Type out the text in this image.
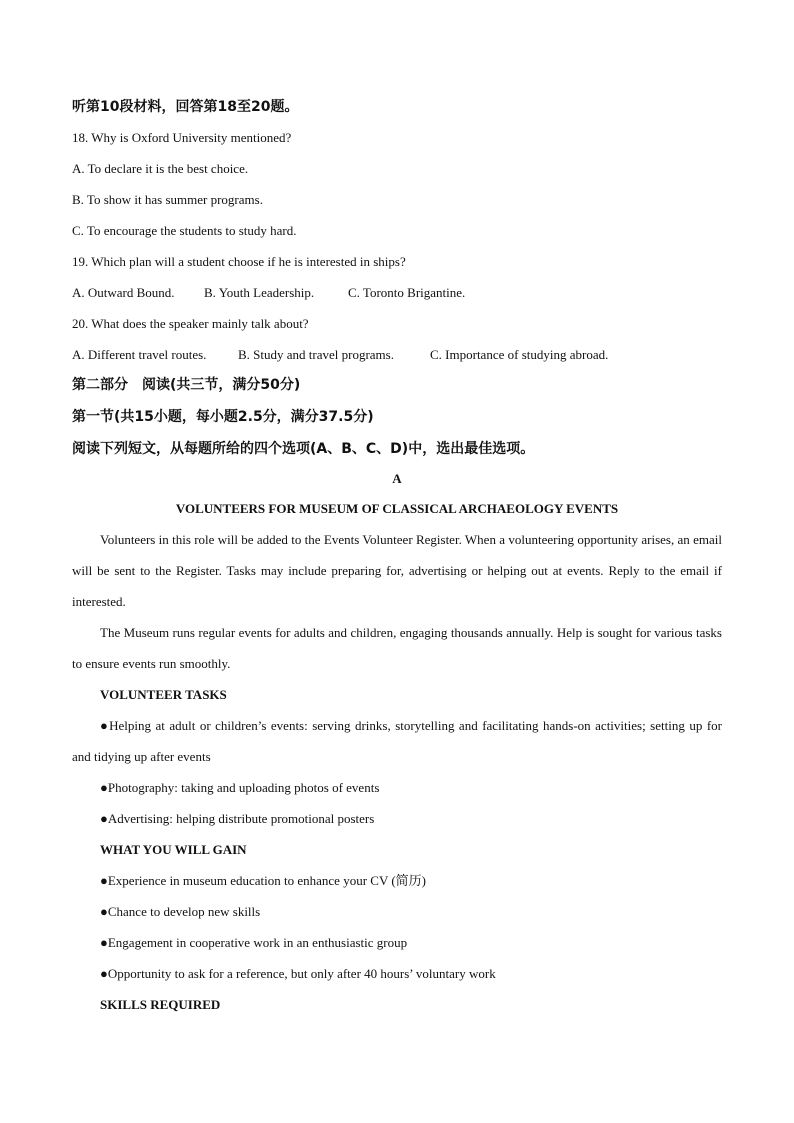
听第10段材料，回答第18至20题。
18. Why is Oxford University mentioned?
A. To declare it is the best choice.
B. To show it has summer programs.
C. To encourage the students to study hard.
19. Which plan will a student choose if he is interested in ships?
A. Outward Bound. B. Youth Leadership.	C. Toronto Brigantine.
20. What does the speaker mainly talk about?
A. Different travel routes. B. Study and travel programs.	C. Importance of studying abroad.
第二部分　阅读(共三节，满分50分)
第一节(共15小题，每小题2.5分，满分37.5分)
阅读下列短文，从每题所给的四个选项(A、B、C、D)中，选出最佳选项。
A
VOLUNTEERS FOR MUSEUM OF CLASSICAL ARCHAEOLOGY EVENTS

Volunteers in this role will be added to the Events Volunteer Register. When a volunteering opportunity arises, an email will be sent to the Register. Tasks may include preparing for, advertising or helping out at events. Reply to the email if interested.

The Museum runs regular events for adults and children, engaging thousands annually. Help is sought for various tasks to ensure events run smoothly.

VOLUNTEER TASKS

●Helping at adult or children’s events: serving drinks, storytelling and facilitating hands-on activities; setting up for and tidying up after events

●Photography: taking and uploading photos of events
●Advertising: helping distribute promotional posters
WHAT YOU WILL GAIN
●Experience in museum education to enhance your CV (简历)
●Chance to develop new skills
●Engagement in cooperative work in an enthusiastic group
●Opportunity to ask for a reference, but only after 40 hours’ voluntary work
SKILLS REQUIRED
